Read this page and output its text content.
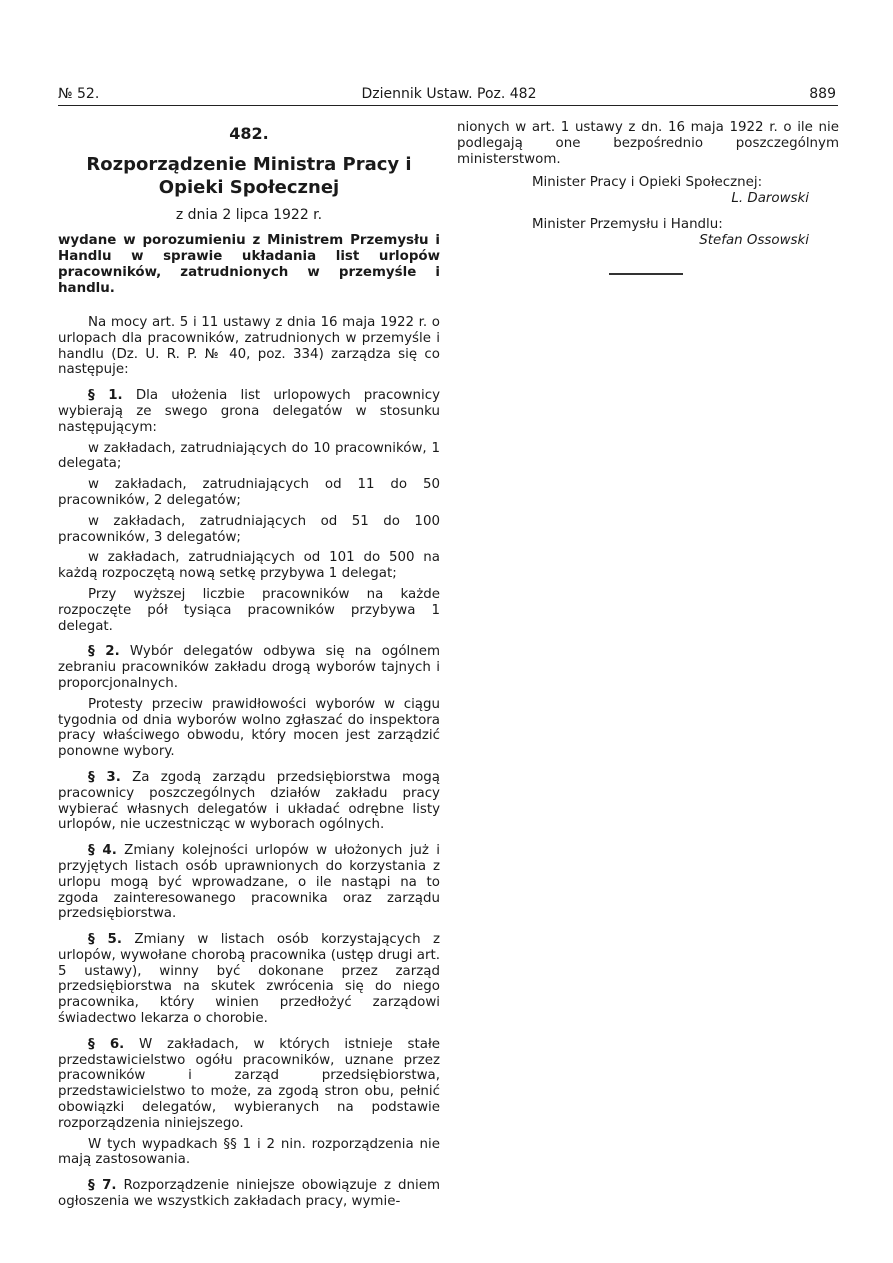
№ 52.	Dziennik Ustaw. Poz. 482	889
482.
Rozporządzenie Ministra Pracy i Opieki Społecznej
z dnia 2 lipca 1922 r.
wydane w porozumieniu z Ministrem Przemysłu i Handlu w sprawie układania list urlopów pracowników, zatrudnionych w przemyśle i handlu.

Na mocy art. 5 i 11 ustawy z dnia 16 maja 1922 r. o urlopach dla pracowników, zatrudnionych w przemyśle i handlu (Dz. U. R. P. № 40, poz. 334) zarządza się co następuje:

§ 1. Dla ułożenia list urlopowych pracownicy wybierają ze swego grona delegatów w stosunku następującym:

w zakładach, zatrudniających do 10 pracowników, 1 delegata;

w zakładach, zatrudniających od 11 do 50 pracowników, 2 delegatów;

w zakładach, zatrudniających od 51 do 100 pracowników, 3 delegatów;

w zakładach, zatrudniających od 101 do 500 na każdą rozpoczętą nową setkę przybywa 1 delegat;

Przy wyższej liczbie pracowników na każde rozpoczęte pół tysiąca pracowników przybywa 1 delegat.

§ 2. Wybór delegatów odbywa się na ogólnem zebraniu pracowników zakładu drogą wyborów tajnych i proporcjonalnych.

Protesty przeciw prawidłowości wyborów w ciągu tygodnia od dnia wyborów wolno zgłaszać do inspektora pracy właściwego obwodu, który mocen jest zarządzić ponowne wybory.

§ 3. Za zgodą zarządu przedsiębiorstwa mogą pracownicy poszczególnych działów zakładu pracy wybierać własnych delegatów i układać odrębne listy urlopów, nie uczestnicząc w wyborach ogólnych.

§ 4. Zmiany kolejności urlopów w ułożonych już i przyjętych listach osób uprawnionych do korzystania z urlopu mogą być wprowadzane, o ile nastąpi na to zgoda zainteresowanego pracownika oraz zarządu przedsiębiorstwa.

§ 5. Zmiany w listach osób korzystających z urlopów, wywołane chorobą pracownika (ustęp drugi art. 5 ustawy), winny być dokonane przez zarząd przedsiębiorstwa na skutek zwrócenia się do niego pracownika, który winien przedłożyć zarządowi świadectwo lekarza o chorobie.

§ 6. W zakładach, w których istnieje stałe przedstawicielstwo ogółu pracowników, uznane przez pracowników i zarząd przedsiębiorstwa, przedstawicielstwo to może, za zgodą stron obu, pełnić obowiązki delegatów, wybieranych na podstawie rozporządzenia niniejszego.

W tych wypadkach §§ 1 i 2 nin. rozporządzenia nie mają zastosowania.

§ 7. Rozporządzenie niniejsze obowiązuje z dniem ogłoszenia we wszystkich zakładach pracy, wymie-

nionych w art. 1 ustawy z dn. 16 maja 1922 r. o ile nie podlegają one bezpośrednio poszczególnym ministerstwom.

Minister Pracy i Opieki Społecznej:
L. Darowski
Minister Przemysłu i Handlu:
Stefan Ossowski
